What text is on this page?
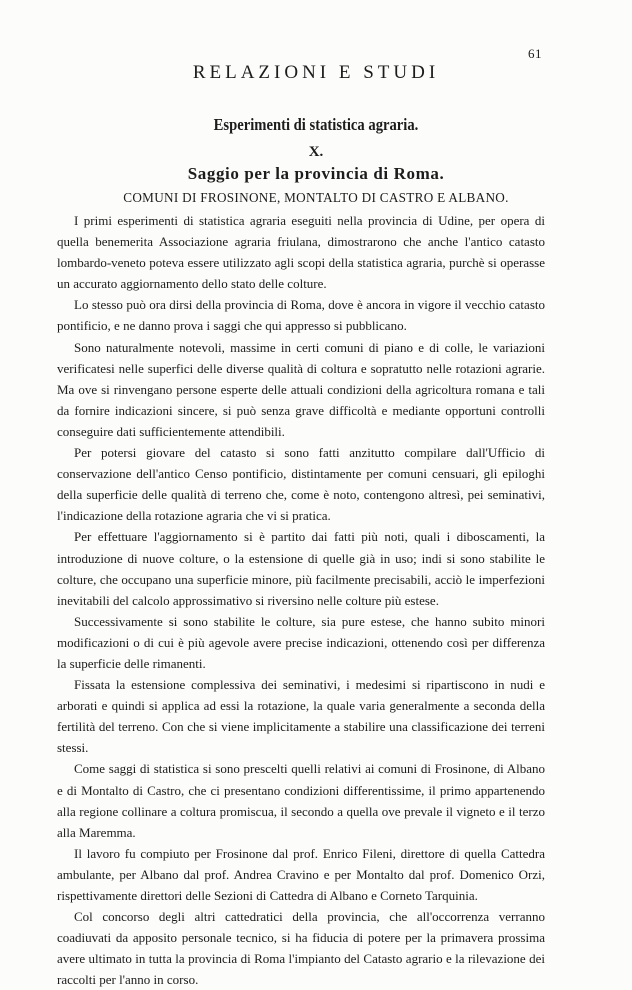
61
RELAZIONI E STUDI
Esperimenti di statistica agraria.
X.
Saggio per la provincia di Roma.
COMUNI DI FROSINONE, MONTALTO DI CASTRO E ALBANO.

I primi esperimenti di statistica agraria eseguiti nella provincia di Udine, per opera di quella benemerita Associazione agraria friulana, dimostrarono che anche l'antico catasto lombardo-veneto poteva essere utilizzato agli scopi della statistica agraria, purchè si operasse un accurato aggiornamento dello stato delle colture.

Lo stesso può ora dirsi della provincia di Roma, dove è ancora in vigore il vecchio catasto pontificio, e ne danno prova i saggi che qui appresso si pubblicano.

Sono naturalmente notevoli, massime in certi comuni di piano e di colle, le variazioni verificatesi nelle superfici delle diverse qualità di coltura e sopratutto nelle rotazioni agrarie. Ma ove si rinvengano persone esperte delle attuali condizioni della agricoltura romana e tali da fornire indicazioni sincere, si può senza grave difficoltà e mediante opportuni controlli conseguire dati sufficientemente attendibili.

Per potersi giovare del catasto si sono fatti anzitutto compilare dall'Ufficio di conservazione dell'antico Censo pontificio, distintamente per comuni censuari, gli epiloghi della superficie delle qualità di terreno che, come è noto, contengono altresì, pei seminativi, l'indicazione della rotazione agraria che vi si pratica.

Per effettuare l'aggiornamento si è partito dai fatti più noti, quali i diboscamenti, la introduzione di nuove colture, o la estensione di quelle già in uso; indi si sono stabilite le colture, che occupano una superficie minore, più facilmente precisabili, acciò le imperfezioni inevitabili del calcolo approssimativo si riversino nelle colture più estese.

Successivamente si sono stabilite le colture, sia pure estese, che hanno subito minori modificazioni o di cui è più agevole avere precise indicazioni, ottenendo così per differenza la superficie delle rimanenti.

Fissata la estensione complessiva dei seminativi, i medesimi si ripartiscono in nudi e arborati e quindi si applica ad essi la rotazione, la quale varia generalmente a seconda della fertilità del terreno. Con che si viene implicitamente a stabilire una classificazione dei terreni stessi.

Come saggi di statistica si sono prescelti quelli relativi ai comuni di Frosinone, di Albano e di Montalto di Castro, che ci presentano condizioni differentissime, il primo appartenendo alla regione collinare a coltura promiscua, il secondo a quella ove prevale il vigneto e il terzo alla Maremma.

Il lavoro fu compiuto per Frosinone dal prof. Enrico Fileni, direttore di quella Cattedra ambulante, per Albano dal prof. Andrea Cravino e per Montalto dal prof. Domenico Orzi, rispettivamente direttori delle Sezioni di Cattedra di Albano e Corneto Tarquinia.

Col concorso degli altri cattedratici della provincia, che all'occorrenza verranno coadiuvati da apposito personale tecnico, si ha fiducia di potere per la primavera prossima avere ultimato in tutta la provincia di Roma l'impianto del Catasto agrario e la rilevazione dei raccolti per l'anno in corso.
